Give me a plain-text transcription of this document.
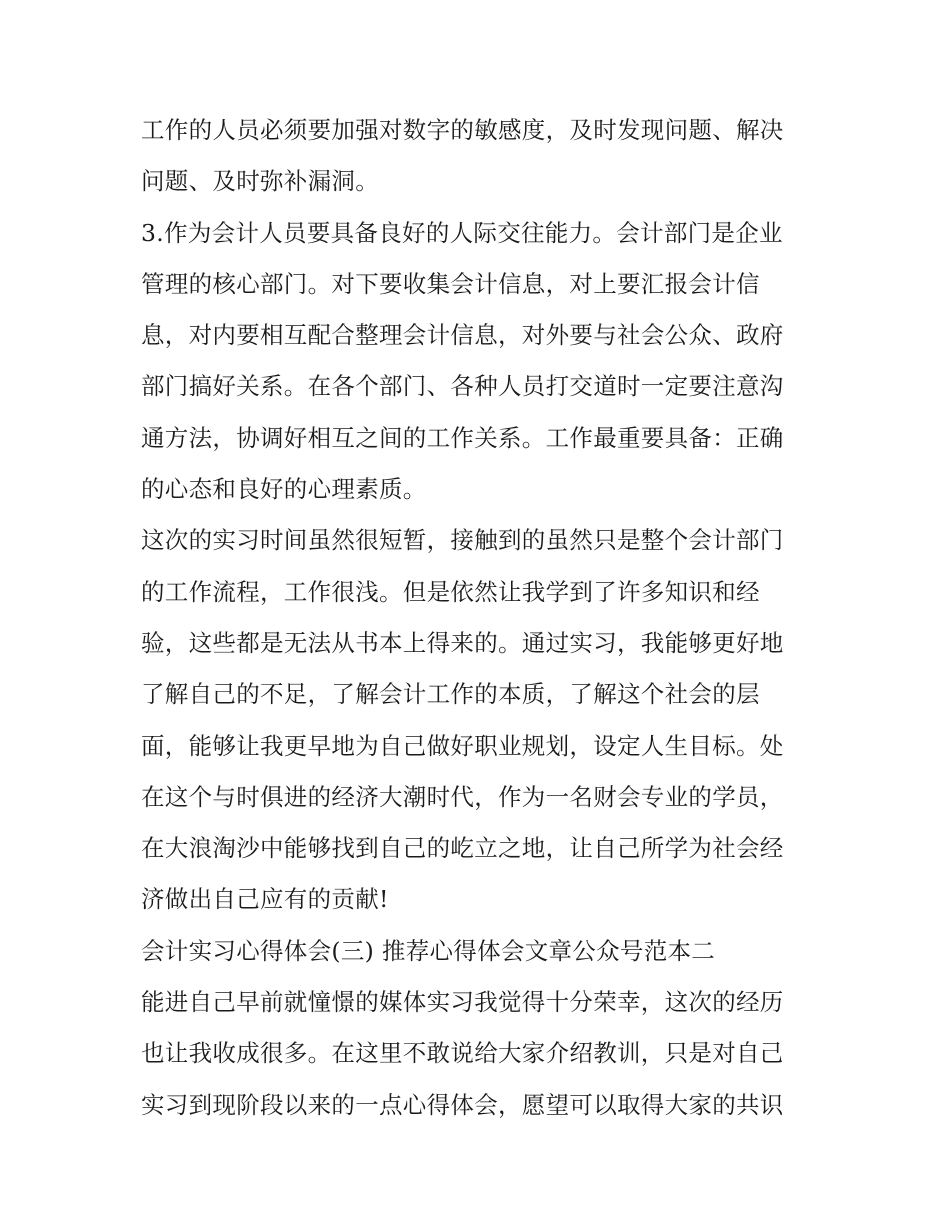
工作的人员必须要加强对数字的敏感度，及时发现问题、解决
问题、及时弥补漏洞。
3.作为会计人员要具备良好的人际交往能力。会计部门是企业
管理的核心部门。对下要收集会计信息，对上要汇报会计信
息，对内要相互配合整理会计信息，对外要与社会公众、政府
部门搞好关系。在各个部门、各种人员打交道时一定要注意沟
通方法，协调好相互之间的工作关系。工作最重要具备：正确
的心态和良好的心理素质。
这次的实习时间虽然很短暂，接触到的虽然只是整个会计部门
的工作流程，工作很浅。但是依然让我学到了许多知识和经
验，这些都是无法从书本上得来的。通过实习，我能够更好地
了解自己的不足，了解会计工作的本质，了解这个社会的层
面，能够让我更早地为自己做好职业规划，设定人生目标。处
在这个与时俱进的经济大潮时代，作为一名财会专业的学员，
在大浪淘沙中能够找到自己的屹立之地，让自己所学为社会经
济做出自己应有的贡献!
会计实习心得体会(三) 推荐心得体会文章公众号范本二
能进自己早前就憧憬的媒体实习我觉得十分荣幸，这次的经历
也让我收成很多。在这里不敢说给大家介绍教训，只是对自己
实习到现阶段以来的一点心得体会，愿望可以取得大家的共识
